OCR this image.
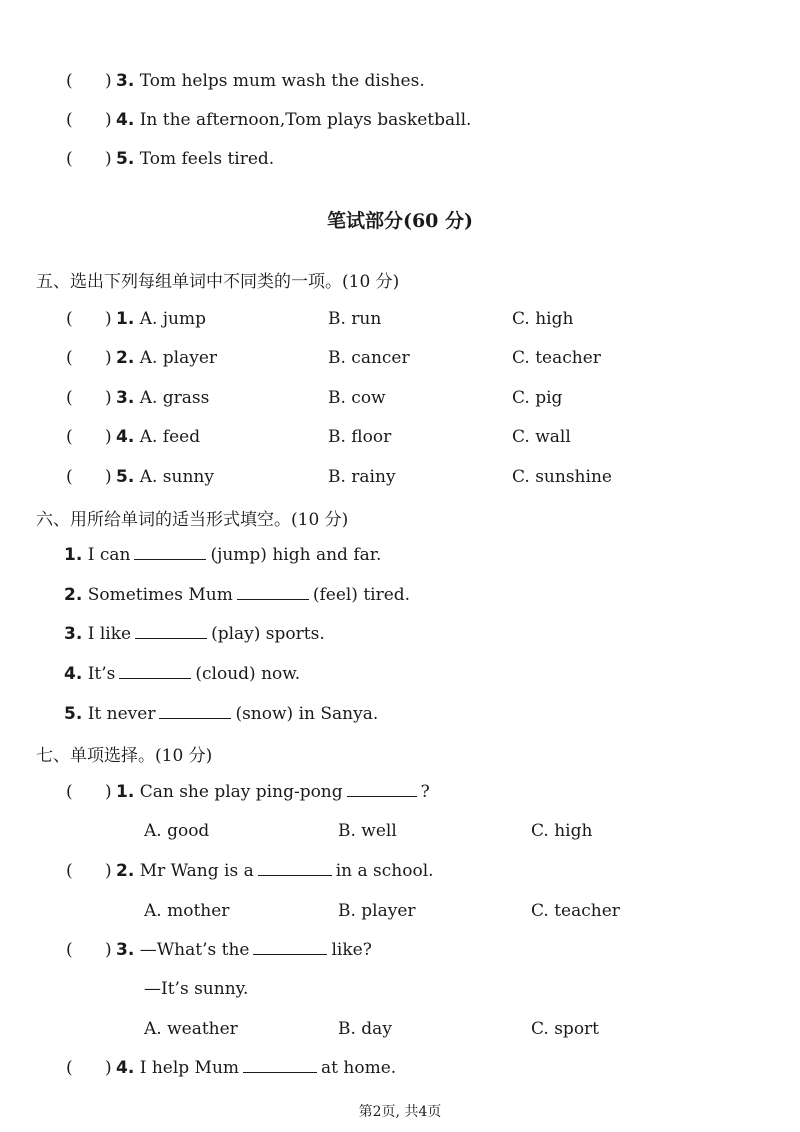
(      ) 3. Tom helps mum wash the dishes.
(      ) 4. In the afternoon,Tom plays basketball.
(      ) 5. Tom feels tired.
笔试部分(60 分)
五、选出下列每组单词中不同类的一项。(10 分)
(      ) 1. A. jump	B. run	C. high
(      ) 2. A. player	B. cancer	C. teacher
(      ) 3. A. grass	B. cow	C. pig
(      ) 4. A. feed	B. floor	C. wall
(      ) 5. A. sunny	B. rainy	C. sunshine
六、用所给单词的适当形式填空。(10 分)
1. I can	(jump) high and far.
2. Sometimes Mum	(feel) tired.
3. I like	(play) sports.
4. It’s	(cloud) now.
5. It never	(snow) in Sanya.
七、单项选择。(10 分)
(      ) 1. Can she play ping-pong	?
A. good	B. well	C. high
(      ) 2. Mr Wang is a	in a school.
A. mother	B. player	C. teacher
(      ) 3. —What’s the	like?
—It’s sunny.
A. weather	B. day	C. sport
(      ) 4. I help Mum	at home.
第2页, 共4页
